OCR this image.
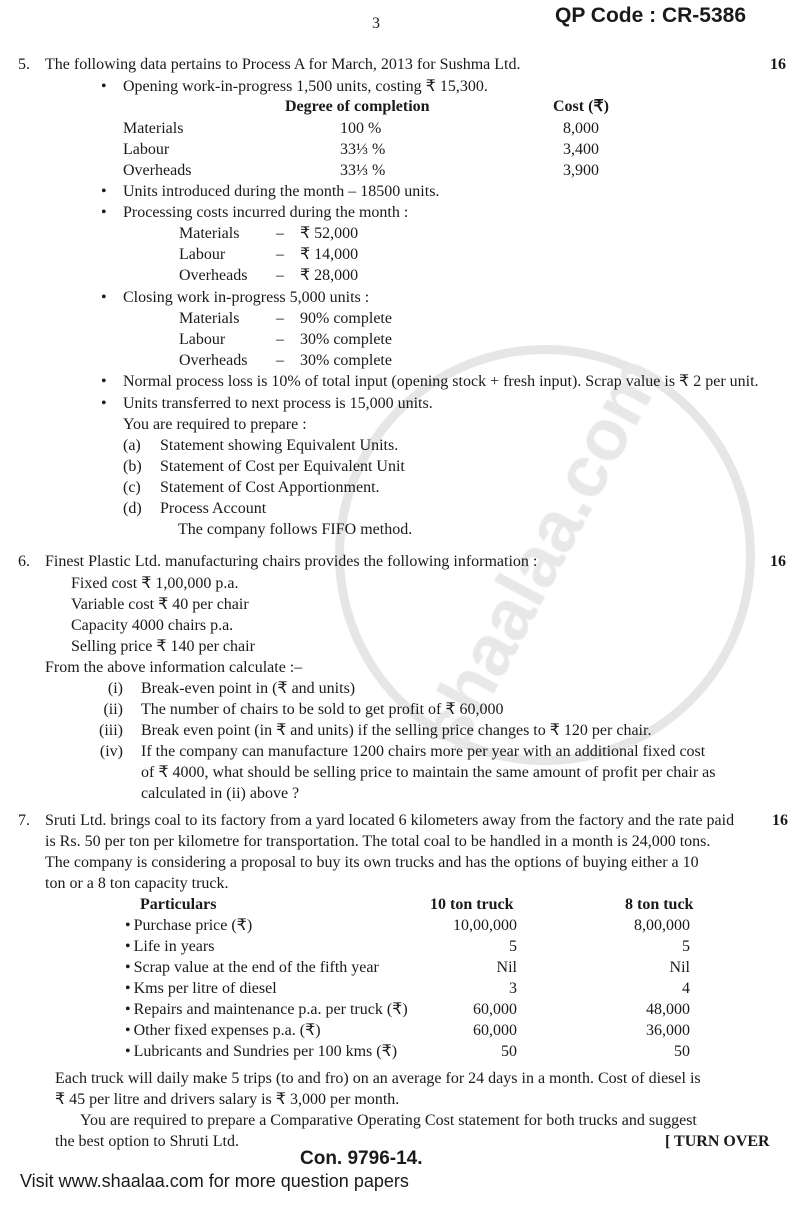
3	QP Code : CR-5386
5. The following data pertains to Process A for March, 2013 for Sushma Ltd.	16
• Opening work-in-progress 1,500 units, costing ₹ 15,300.
Degree of completion	Cost (₹)
Materials	100 %	8,000
Labour	33⅓ %	3,400
Overheads	33⅓ %	3,900
• Units introduced during the month – 18500 units.
• Processing costs incurred during the month :
Materials – ₹ 52,000
Labour	– ₹ 14,000
Overheads – ₹ 28,000
• Closing work in-progress 5,000 units :
Materials – 90% complete
Labour	– 30% complete
Overheads – 30% complete
• Normal process loss is 10% of total input (opening stock + fresh input). Scrap value is ₹ 2 per unit.
• Units transferred to next process is 15,000 units.
You are required to prepare :
(a) Statement showing Equivalent Units.
(b) Statement of Cost per Equivalent Unit
(c) Statement of Cost Apportionment.
(d) Process Account
The company follows FIFO method.
6. Finest Plastic Ltd. manufacturing chairs provides the following information :	16
Fixed cost ₹ 1,00,000 p.a.
Variable cost ₹ 40 per chair
Capacity 4000 chairs p.a.
Selling price ₹ 140 per chair
From the above information calculate :–
(i) Break-even point in (₹ and units)
(ii) The number of chairs to be sold to get profit of ₹ 60,000
(iii) Break even point (in ₹ and units) if the selling price changes to ₹ 120 per chair.
(iv) If the company can manufacture 1200 chairs more per year with an additional fixed cost
of ₹ 4000, what should be selling price to maintain the same amount of profit per chair as
calculated in (ii) above ?
7.	16
Sruti Ltd. brings coal to its factory from a yard located 6 kilometers away from the factory and the rate paid
is Rs. 50 per ton per kilometre for transportation. The total coal to be handled in a month is 24,000 tons.
The company is considering a proposal to buy its own trucks and has the options of buying either a 10
ton or a 8 ton capacity truck.
Particulars	10 ton truck	8 ton tuck
• Purchase price (₹)	10,00,000	8,00,000
• Life in years	5	5
• Scrap value at the end of the fifth year	Nil	Nil
• Kms per litre of diesel	3	4
• Repairs and maintenance p.a. per truck (₹)	60,000	48,000
• Other fixed expenses p.a. (₹)	60,000	36,000
• Lubricants and Sundries per 100 kms (₹)	50	50
Each truck will daily make 5 trips (to and fro) on an average for 24 days in a month. Cost of diesel is
₹ 45 per litre and drivers salary is ₹ 3,000 per month.
You are required to prepare a Comparative Operating Cost statement for both trucks and suggest
the best option to Shruti Ltd.	[ TURN OVER
Con. 9796-14.
Visit www.shaalaa.com for more question papers
